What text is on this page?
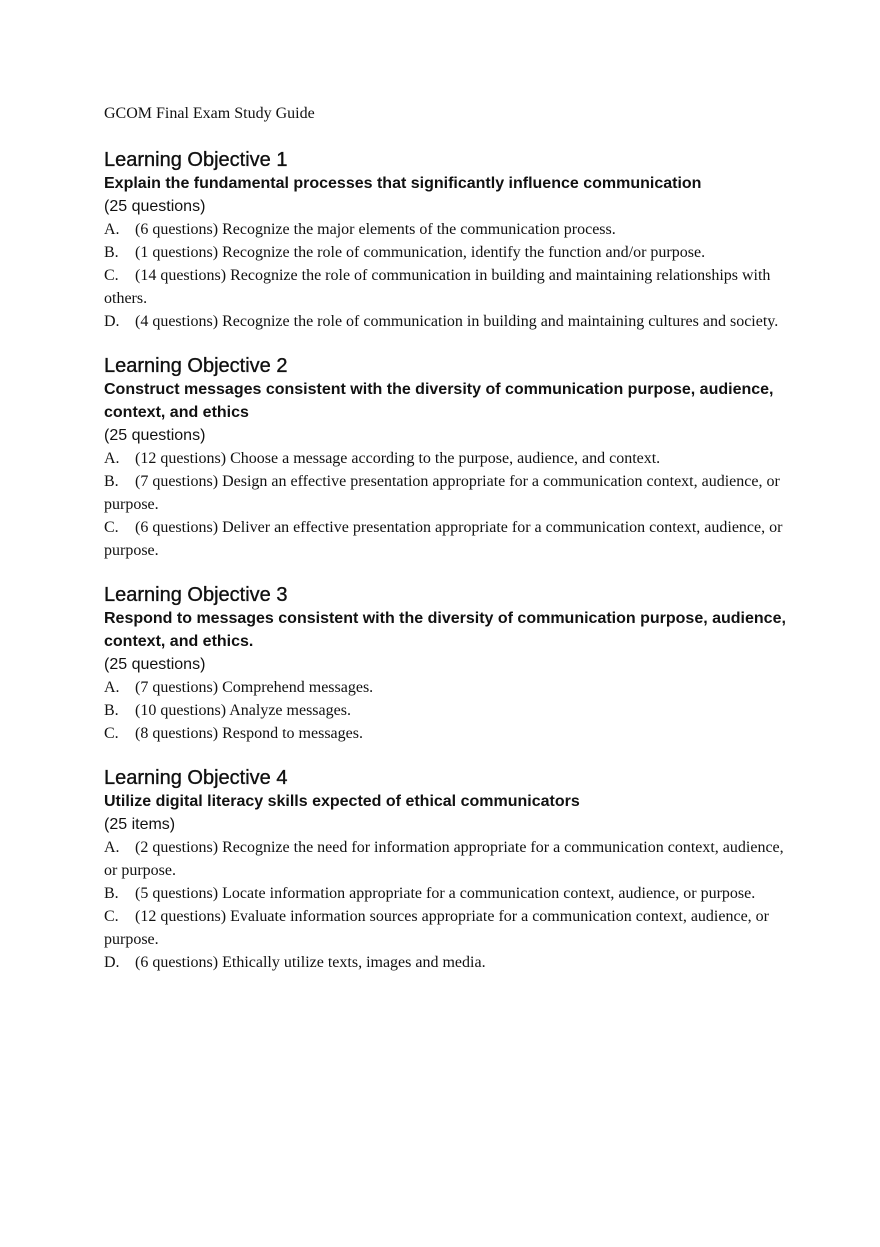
GCOM Final Exam Study Guide

Learning Objective 1

Explain the fundamental processes that significantly influence communication

(25 questions)

A. (6 questions) Recognize the major elements of the communication process.

B. (1 questions) Recognize the role of communication, identify the function and/or purpose.

C. (14 questions) Recognize the role of communication in building and maintaining relationships with others.

D. (4 questions) Recognize the role of communication in building and maintaining cultures and society.

Learning Objective 2

Construct messages consistent with the diversity of communication purpose, audience, context, and ethics

(25 questions)

A. (12 questions) Choose a message according to the purpose, audience, and context.

B. (7 questions) Design an effective presentation appropriate for a communication context, audience, or purpose.

C. (6 questions) Deliver an effective presentation appropriate for a communication context, audience, or purpose.

Learning Objective 3

Respond to messages consistent with the diversity of communication purpose, audience, context, and ethics.

(25 questions)

A. (7 questions) Comprehend messages.

B. (10 questions) Analyze messages.

C. (8 questions) Respond to messages.

Learning Objective 4

Utilize digital literacy skills expected of ethical communicators

(25 items)

A. (2 questions) Recognize the need for information appropriate for a communication context, audience, or purpose.

B. (5 questions) Locate information appropriate for a communication context, audience, or purpose.

C. (12 questions) Evaluate information sources appropriate for a communication context, audience, or purpose.

D. (6 questions) Ethically utilize texts, images and media.
